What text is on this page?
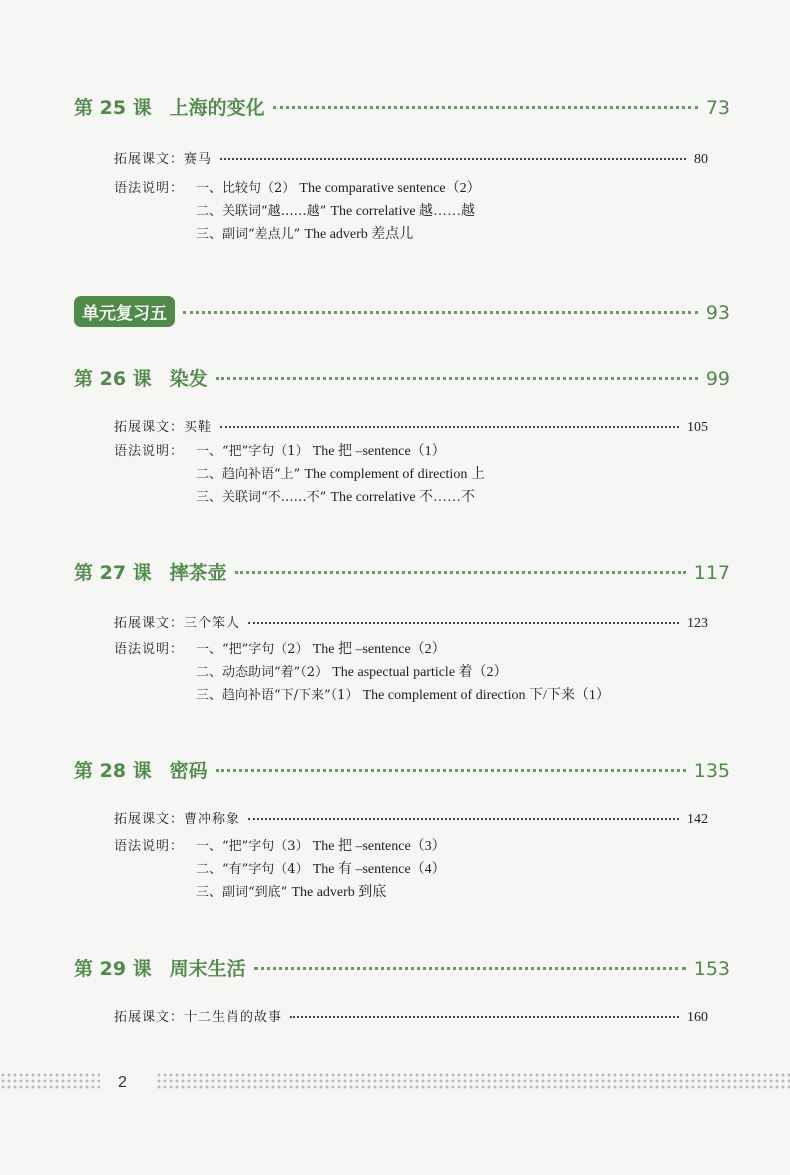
第 25 课 上海的变化	73
拓展课文： 赛马	80
语法说明： 一、比较句（2） The comparative sentence（2）
二、关联词“越……越” The correlative 越……越
三、副词“差点儿” The adverb 差点儿
单元复习五	93
第 26 课 染发	99
拓展课文： 买鞋	105
语法说明： 一、“把”字句（1） The 把 –sentence（1）
二、趋向补语“上” The complement of direction 上
三、关联词“不……不” The correlative 不……不
第 27 课 摔茶壶	117
拓展课文： 三个笨人	123
语法说明： 一、“把”字句（2） The 把 –sentence（2）
二、动态助词“着”（2） The aspectual particle 着（2）
三、趋向补语“下/下来”（1） The complement of direction 下/下来（1）
第 28 课 密码	135
拓展课文： 曹冲称象	142
语法说明： 一、“把”字句（3） The 把 –sentence（3）
二、“有”字句（4） The 有 –sentence（4）
三、副词“到底” The adverb 到底
第 29 课 周末生活	153
拓展课文： 十二生肖的故事	160
2
